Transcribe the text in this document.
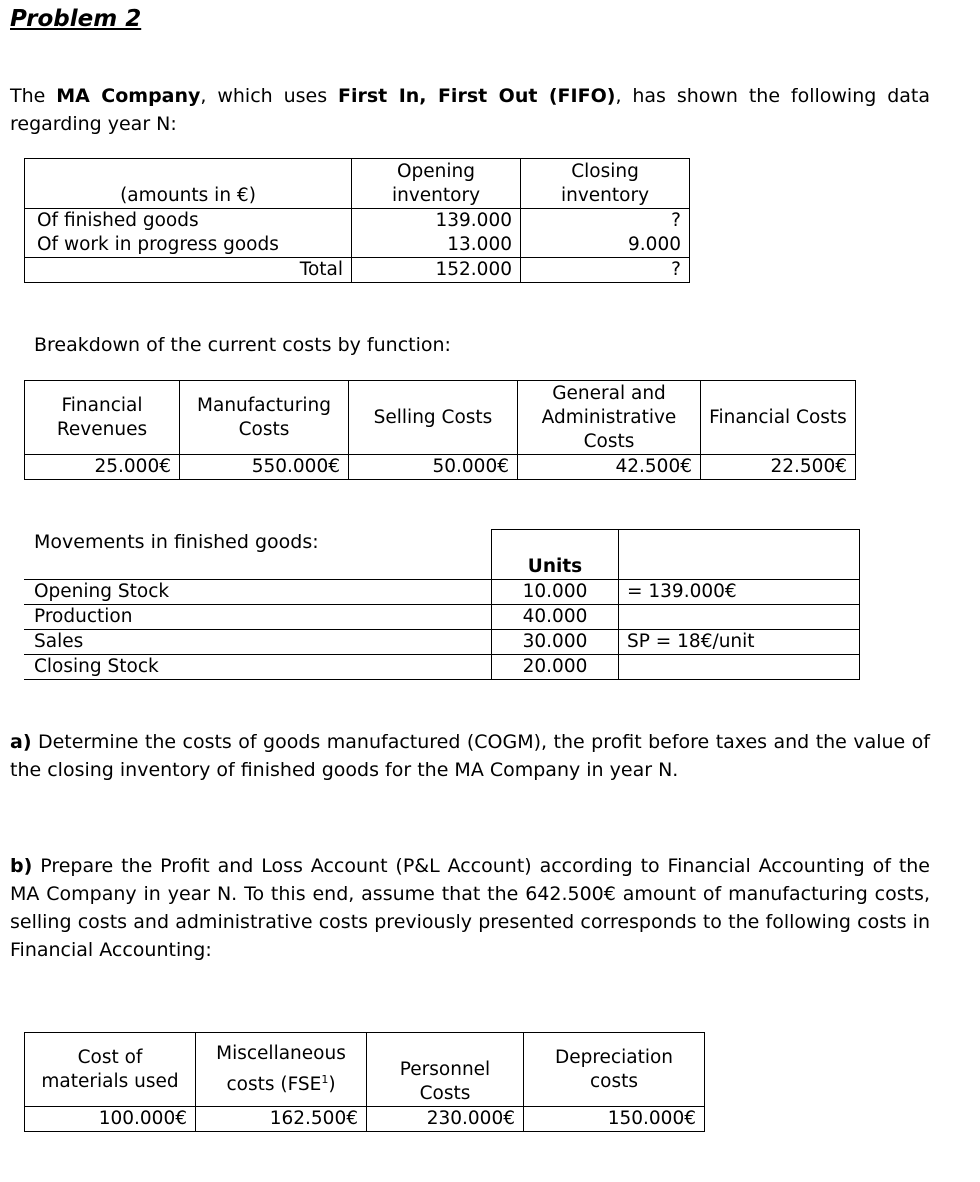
Problem 2
The MA Company, which uses First In, First Out (FIFO), has shown the following data regarding year N:
(amounts in €)	Opening inventory	Closing inventory
Of finished goods	139.000	?
Of work in progress goods	13.000	9.000
Total	152.000	?
Breakdown of the current costs by function:
Financial Revenues	Manufacturing Costs	Selling Costs	General and Administrative Costs	Financial Costs
25.000€	550.000€	50.000€	42.500€	22.500€
Movements in finished goods:
	Units	
Opening Stock	10.000	= 139.000€
Production	40.000	
Sales	30.000	SP = 18€/unit
Closing Stock	20.000	
a) Determine the costs of goods manufactured (COGM), the profit before taxes and the value of the closing inventory of finished goods for the MA Company in year N.
b) Prepare the Profit and Loss Account (P&L Account) according to Financial Accounting of the MA Company in year N. To this end, assume that the 642.500€ amount of manufacturing costs, selling costs and administrative costs previously presented corresponds to the following costs in Financial Accounting:
Cost of materials used	Miscellaneous costs (FSE$^1$)	Personnel Costs	Depreciation costs
100.000€	162.500€	230.000€	150.000€
